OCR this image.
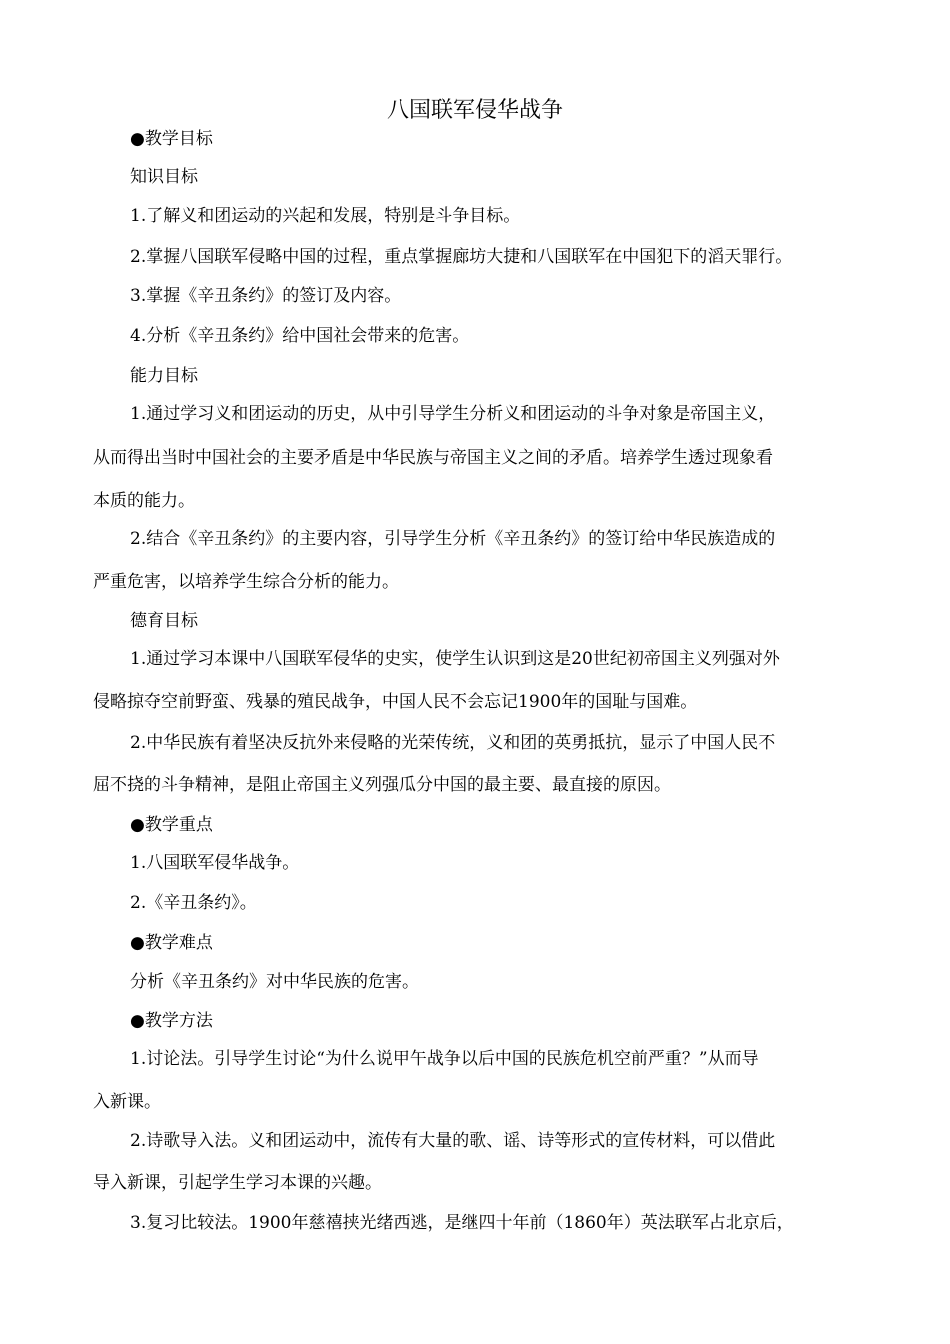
八国联军侵华战争

●教学目标

知识目标

1.了解义和团运动的兴起和发展，特别是斗争目标。

2.掌握八国联军侵略中国的过程，重点掌握廊坊大捷和八国联军在中国犯下的滔天罪行。

3.掌握《辛丑条约》的签订及内容。

4.分析《辛丑条约》给中国社会带来的危害。

能力目标

1.通过学习义和团运动的历史，从中引导学生分析义和团运动的斗争对象是帝国主义，

从而得出当时中国社会的主要矛盾是中华民族与帝国主义之间的矛盾。培养学生透过现象看

本质的能力。

2.结合《辛丑条约》的主要内容，引导学生分析《辛丑条约》的签订给中华民族造成的

严重危害，以培养学生综合分析的能力。

德育目标

1.通过学习本课中八国联军侵华的史实，使学生认识到这是20世纪初帝国主义列强对外

侵略掠夺空前野蛮、残暴的殖民战争，中国人民不会忘记1900年的国耻与国难。

2.中华民族有着坚决反抗外来侵略的光荣传统，义和团的英勇抵抗，显示了中国人民不

屈不挠的斗争精神，是阻止帝国主义列强瓜分中国的最主要、最直接的原因。

●教学重点

1.八国联军侵华战争。

2.《辛丑条约》。

●教学难点

分析《辛丑条约》对中华民族的危害。

●教学方法

1.讨论法。引导学生讨论“为什么说甲午战争以后中国的民族危机空前严重？”从而导

入新课。

2.诗歌导入法。义和团运动中，流传有大量的歌、谣、诗等形式的宣传材料，可以借此

导入新课，引起学生学习本课的兴趣。

3.复习比较法。1900年慈禧挟光绪西逃，是继四十年前（1860年）英法联军占北京后，
